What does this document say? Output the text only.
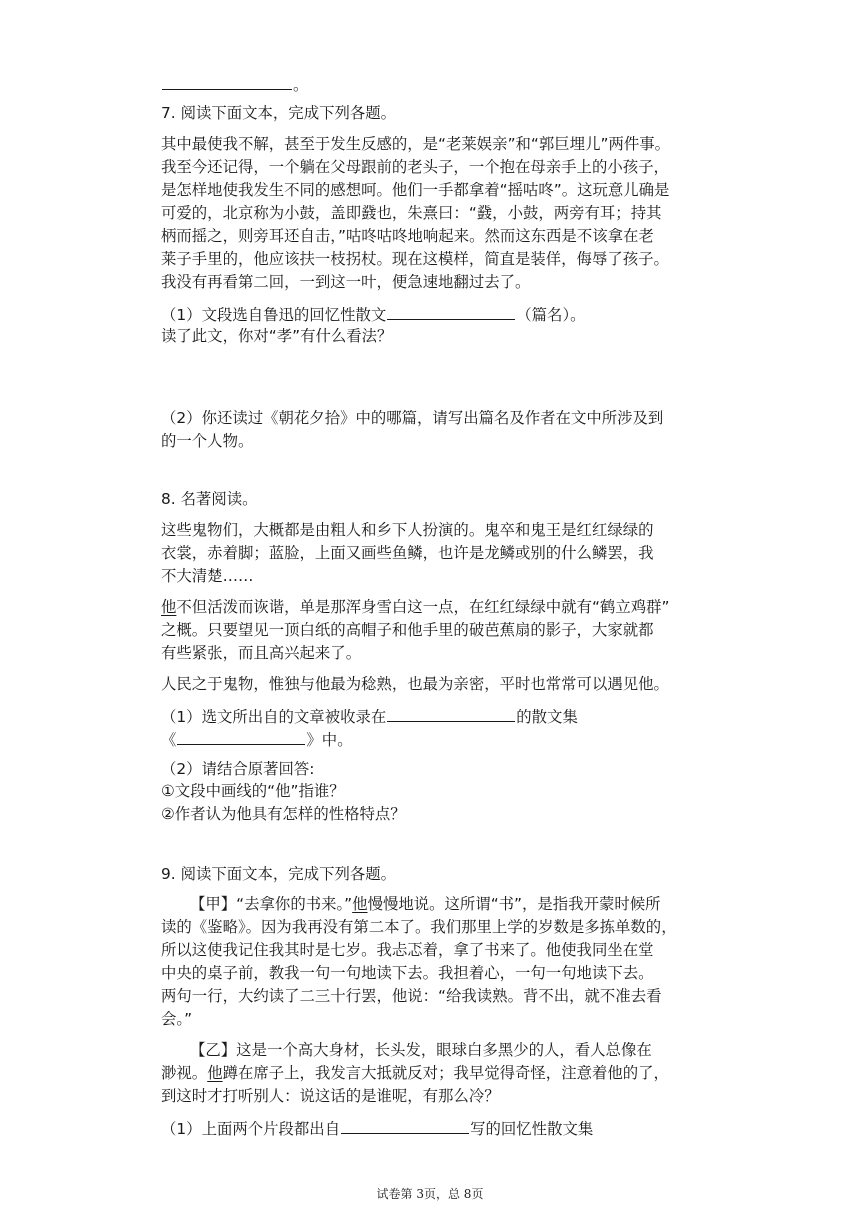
。
7. 阅读下面文本，完成下列各题。
其中最使我不解，甚至于发生反感的，是“老莱娱亲”和“郭巨埋儿”两件事。
我至今还记得，一个躺在父母跟前的老头子，一个抱在母亲手上的小孩子，
是怎样地使我发生不同的感想呵。他们一手都拿着“摇咕咚”。这玩意儿确是
可爱的，北京称为小鼓，盖即鼗也，朱熹曰：“鼗，小鼓，两旁有耳；持其
柄而摇之，则旁耳还自击，”咕咚咕咚地响起来。然而这东西是不该拿在老
莱子手里的，他应该扶一枝拐杖。现在这模样，简直是装佯，侮辱了孩子。
我没有再看第二回，一到这一叶，便急速地翻过去了。
（1）文段选自鲁迅的回忆性散文	（篇名）。
读了此文，你对“孝”有什么看法？
（2）你还读过《朝花夕拾》中的哪篇，请写出篇名及作者在文中所涉及到
的一个人物。
8. 名著阅读。
这些鬼物们，大概都是由粗人和乡下人扮演的。鬼卒和鬼王是红红绿绿的
衣裳，赤着脚；蓝脸，上面又画些鱼鳞，也许是龙鳞或别的什么鳞罢，我
不大清楚……
他不但活泼而诙谐，单是那浑身雪白这一点，在红红绿绿中就有“鹤立鸡群”
之概。只要望见一顶白纸的高帽子和他手里的破芭蕉扇的影子，大家就都
有些紧张，而且高兴起来了。
人民之于鬼物，惟独与他最为稔熟，也最为亲密，平时也常常可以遇见他。
（1）选文所出自的文章被收录在	的散文集
《	》中。
（2）请结合原著回答:
①文段中画线的“他”指谁？
②作者认为他具有怎样的性格特点？
9. 阅读下面文本，完成下列各题。
【甲】“去拿你的书来。”他慢慢地说。这所谓“书”，是指我开蒙时候所
读的《鉴略》。因为我再没有第二本了。我们那里上学的岁数是多拣单数的，
所以这使我记住我其时是七岁。我忐忑着，拿了书来了。他使我同坐在堂
中央的桌子前，教我一句一句地读下去。我担着心，一句一句地读下去。
两句一行，大约读了二三十行罢，他说：“给我读熟。背不出，就不准去看
会。”
【乙】这是一个高大身材，长头发，眼球白多黑少的人，看人总像在
渺视。他蹲在席子上，我发言大抵就反对；我早觉得奇怪，注意着他的了，
到这时才打听别人：说这话的是谁呢，有那么冷？
（1）上面两个片段都出自	写的回忆性散文集
试卷第 3页，总 8页
